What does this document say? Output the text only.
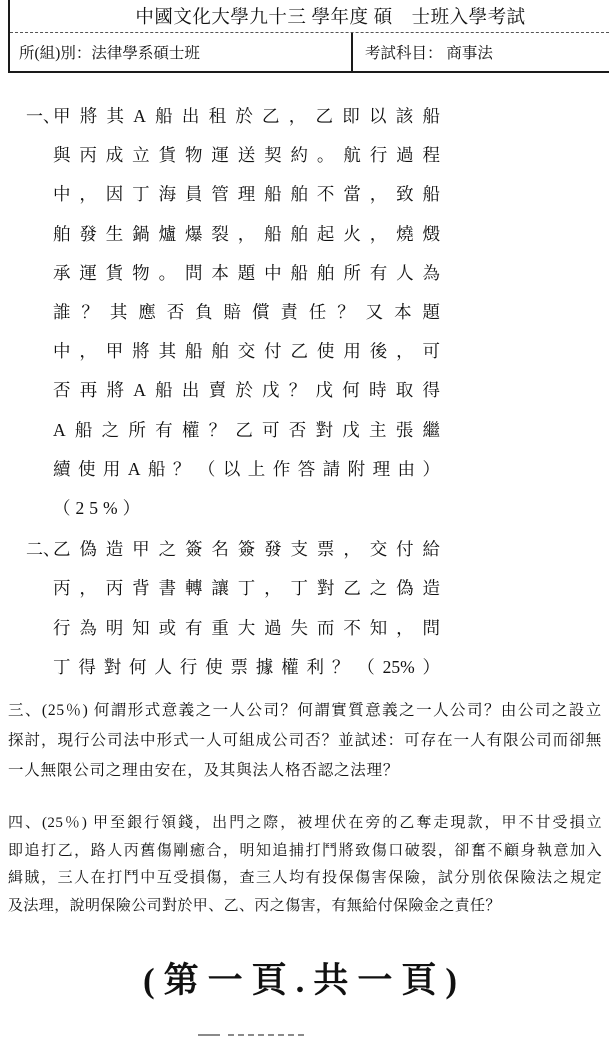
中國文化大學九十三 學年度 碩　士班入學考試
所(組)別： 法律學系碩士班	考試科目：
商事法
一、
甲將其A船出租於乙，乙即以該船
與丙成立貨物運送契約。航行過程
中，因丁海員管理船舶不當，致船
舶發生鍋爐爆裂，船舶起火，燒燬
承運貨物。問本題中船舶所有人為
誰？其應否負賠償責任？又本題
中，甲將其船舶交付乙使用後，可
否再將A船出賣於戊？戊何時取得
A船之所有權？乙可否對戊主張繼
續使用A船？（以上作答請附理由）
（25%）
二、
乙偽造甲之簽名簽發支票，交付給
丙，丙背書轉讓丁，丁對乙之偽造
行為明知或有重大過失而不知，問
丁得對何人行使票據權利？（25%）
三、(25％) 何謂形式意義之一人公司？何謂實質意義之一人公司？由公司之設立
探討，現行公司法中形式一人可組成公司否？並試述：可存在一人有限公司而卻無
一人無限公司之理由安在，及其與法人格否認之法理？
四、(25％) 甲至銀行領錢，出門之際，被埋伏在旁的乙奪走現款，甲不甘受損立
即追打乙，路人丙舊傷剛癒合，明知追捕打鬥將致傷口破裂，卻奮不顧身執意加入
緝賊，三人在打鬥中互受損傷，查三人均有投保傷害保險，試分別依保險法之規定
及法理，說明保險公司對於甲、乙、丙之傷害，有無給付保險金之責任？
(第一頁.共一頁)
